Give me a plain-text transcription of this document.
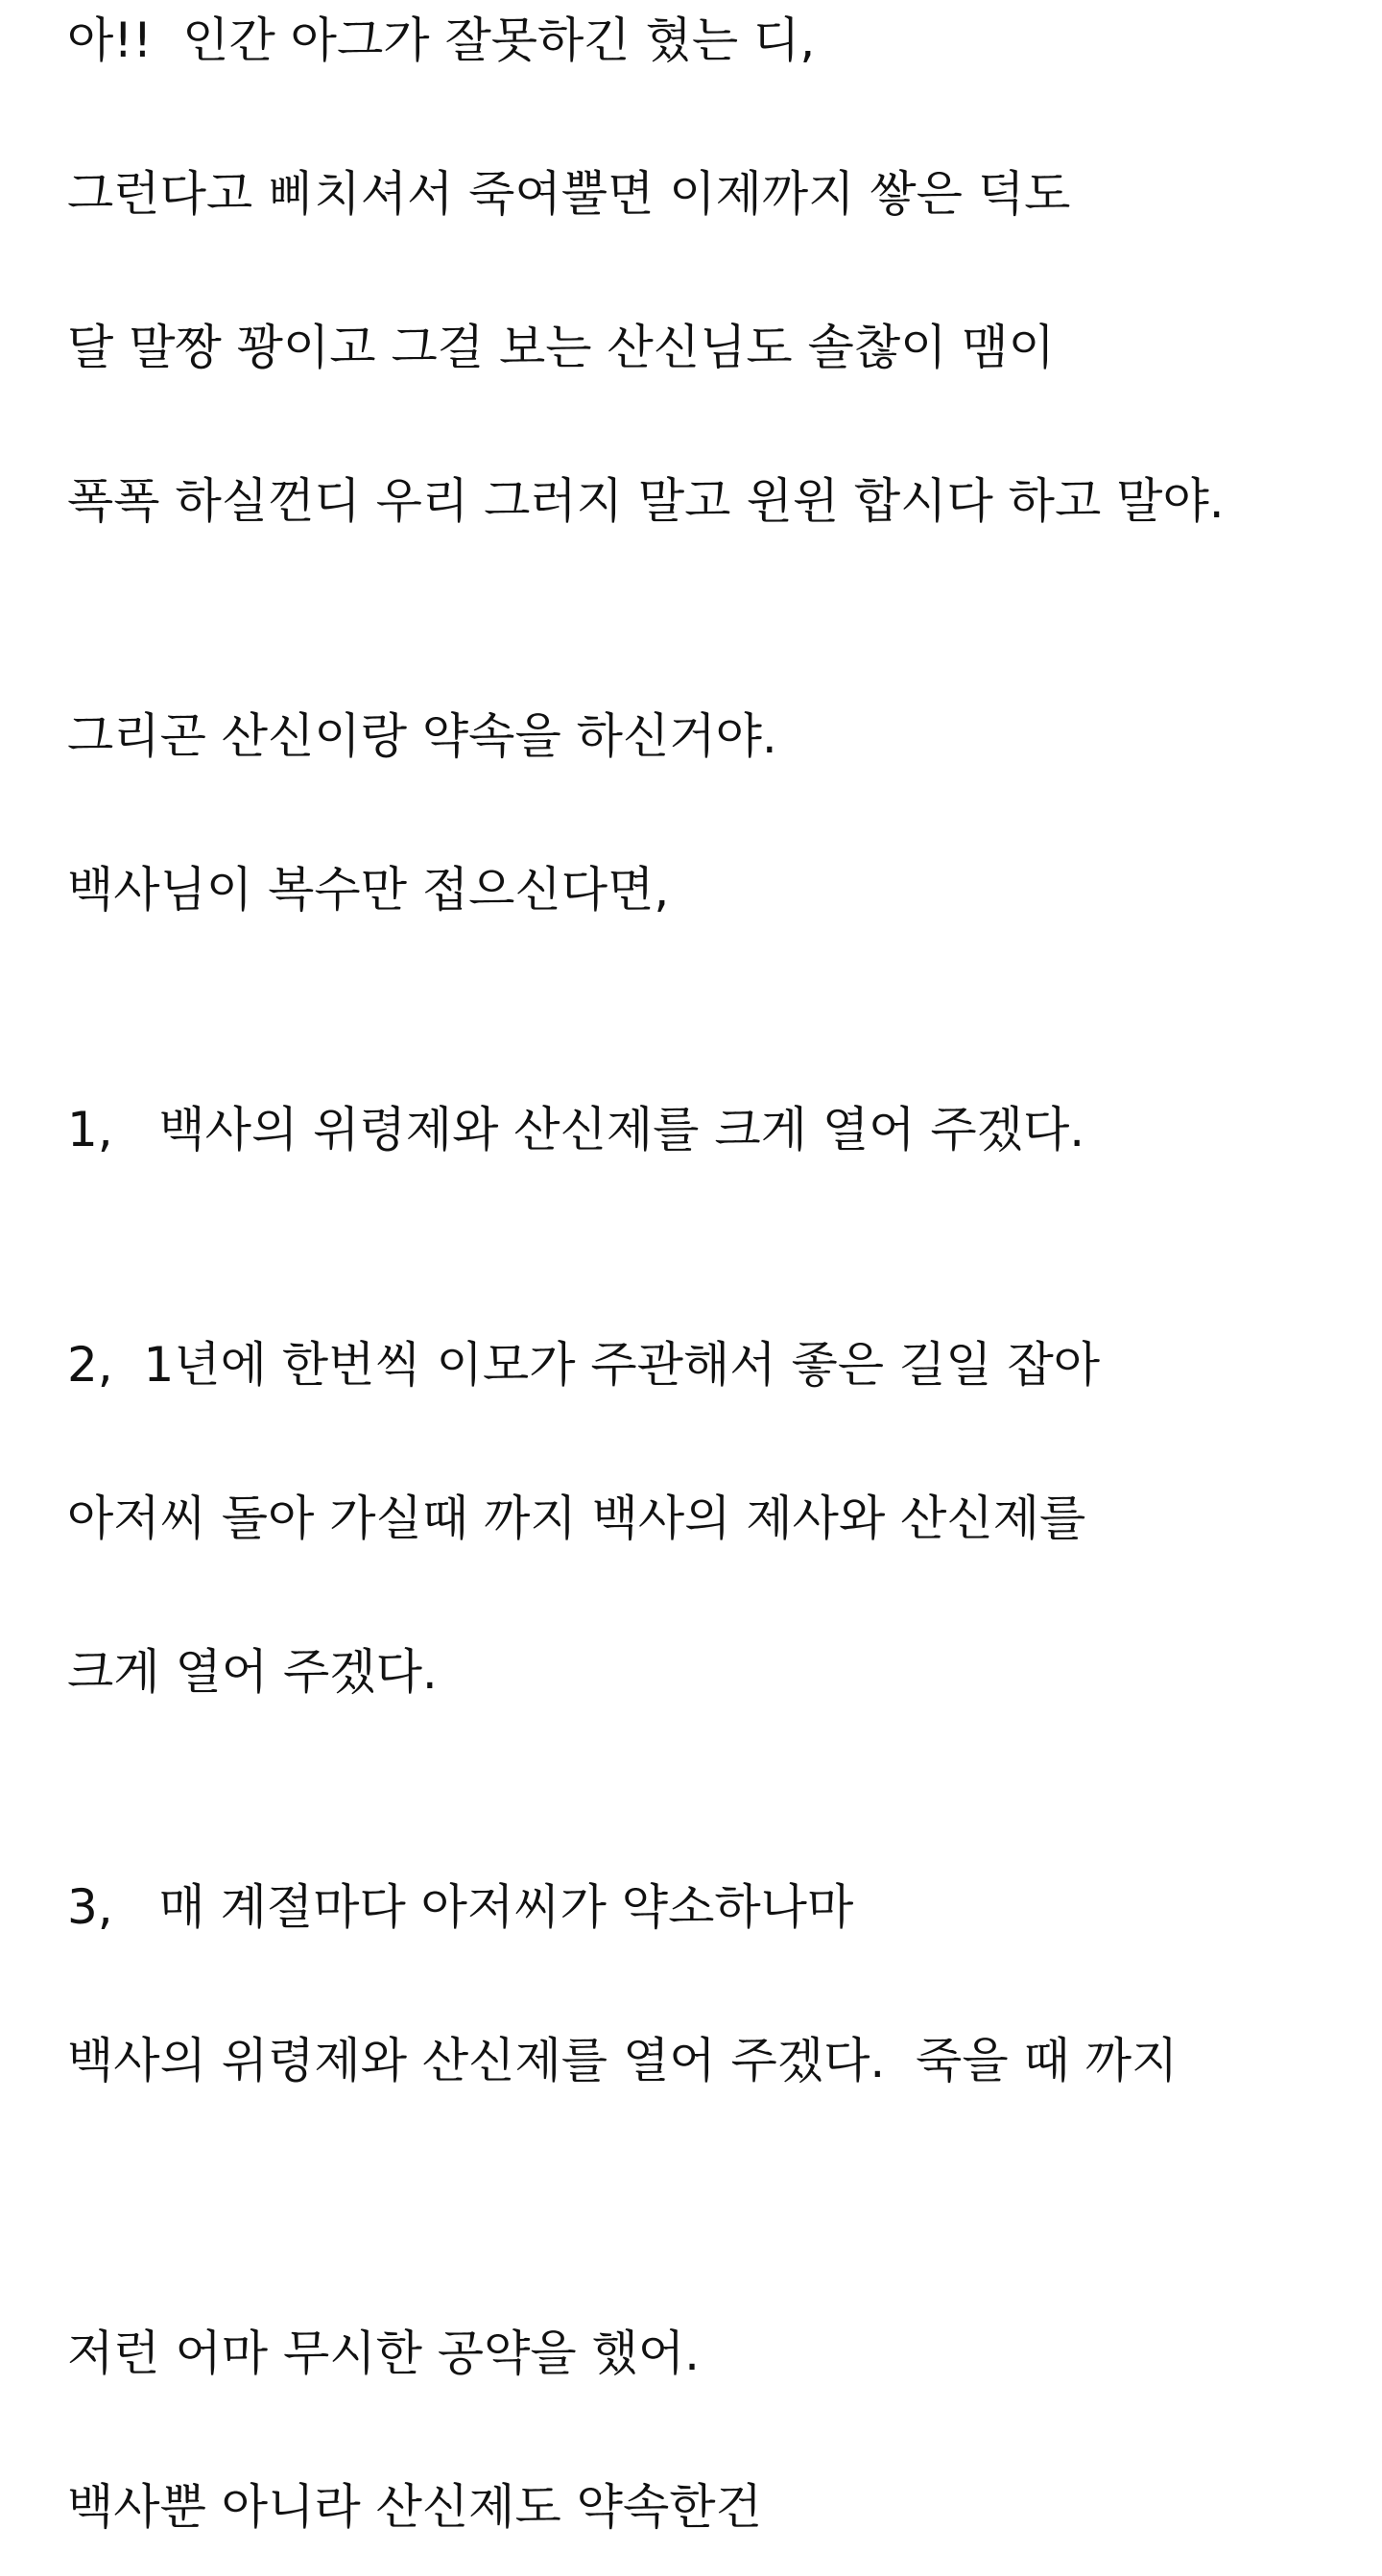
아!!  인간 아그가 잘못하긴 혔는 디,

그런다고 삐치셔서 죽여뿔면 이제까지 쌓은 덕도

달 말짱 꽝이고 그걸 보는 산신님도 솔찮이 맴이

폭폭 하실껀디 우리 그러지 말고 윈윈 합시다 하고 말야.

그리곤 산신이랑 약속을 하신거야.

백사님이 복수만 접으신다면,

1,   백사의 위령제와 산신제를 크게 열어 주겠다.

2,  1년에 한번씩 이모가 주관해서 좋은 길일 잡아

아저씨 돌아 가실때 까지 백사의 제사와 산신제를

크게 열어 주겠다.

3,   매 계절마다 아저씨가 약소하나마

백사의 위령제와 산신제를 열어 주겠다.  죽을 때 까지

저런 어마 무시한 공약을 했어.

백사뿐 아니라 산신제도 약속한건
